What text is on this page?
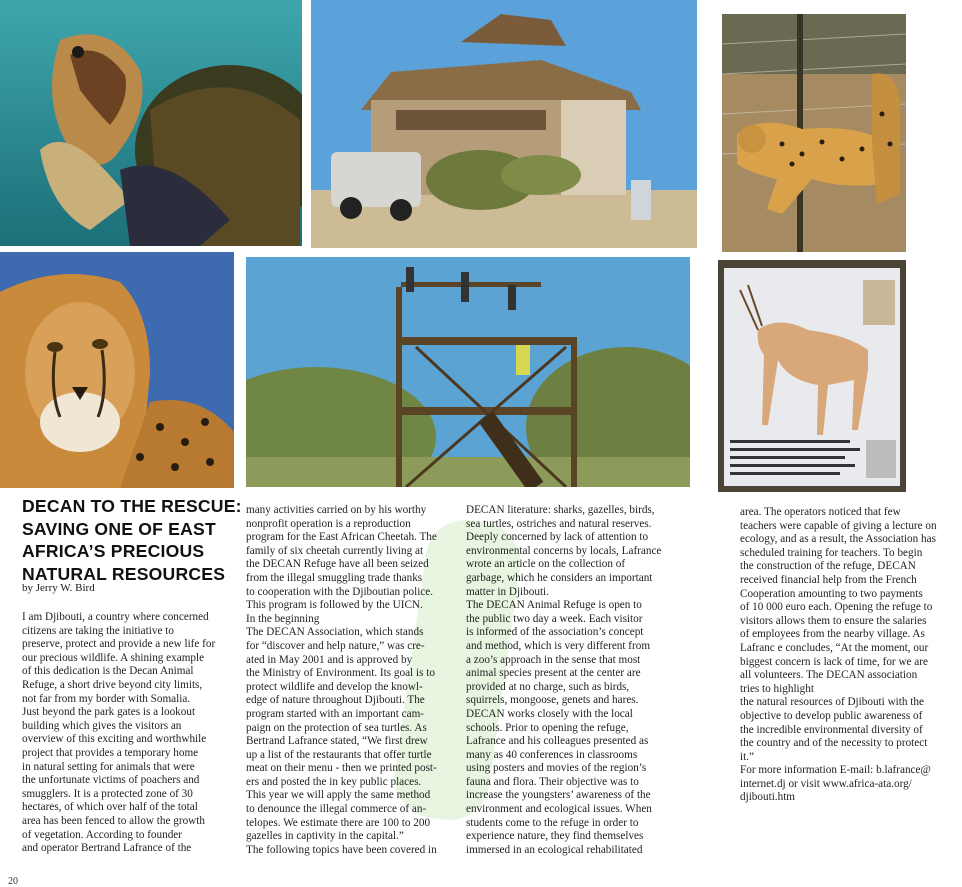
DECAN TO THE RESCUE:
SAVING ONE OF EAST
AFRICA’S PRECIOUS
NATURAL RESOURCES
by Jerry W. Bird
I am Djibouti, a country where concerned
citizens are taking the initiative to
preserve, protect and provide a new life for
our precious wildlife. A shining example
of this dedication is the Decan Animal
Refuge, a short drive beyond city limits,
not far from my border with Somalia.
Just beyond the park gates is a lookout
building which gives the visitors an
overview of this exciting and worthwhile
project that provides a temporary home
in natural setting for animals that were
the unfortunate victims of poachers and
smugglers. It is a protected zone of 30
hectares, of which over half of the total
area has been fenced to allow the growth
of vegetation. According to founder
and operator Bertrand Lafrance of the
many activities carried on by his worthy
nonprofit operation is a reproduction
program for the East African Cheetah. The
family of six cheetah currently living at
the DECAN Refuge have all been seized
from the illegal smuggling trade thanks
to cooperation with the Djiboutian police.
This program is followed by the UICN.
In the beginning
The DECAN Association, which stands
for “discover and help nature,” was cre-
ated in May 2001 and is approved by
the Ministry of Environment. Its goal is to
protect wildlife and develop the knowl-
edge of nature throughout Djibouti. The
program started with an important cam-
paign on the protection of sea turtles. As
Bertrand Lafrance stated, “We first drew
up a list of the restaurants that offer turtle
meat on their menu - then we printed post-
ers and posted the in key public places.
This year we will apply the same method
to denounce the illegal commerce of an-
telopes. We estimate there are 100 to 200
gazelles in captivity in the capital.”
The following topics have been covered in
DECAN literature: sharks, gazelles, birds,
sea turtles, ostriches and natural reserves.
Deeply concerned by lack of attention to
environmental concerns by locals, Lafrance
wrote an article on the collection of
garbage, which he considers an important
matter in Djibouti.
The DECAN Animal Refuge is open to
the public two day a week. Each visitor
is informed of the association’s concept
and method, which is very different from
a zoo’s approach in the sense that most
animal species present at the center are
provided at no charge, such as birds,
squirrels, mongoose, genets and hares.
DECAN works closely with the local
schools. Prior to opening the refuge,
Lafrance and his colleagues presented as
many as 40 conferences in classrooms
using posters and movies of the region’s
fauna and flora. Their objective was to
increase the youngsters’ awareness of the
environment and ecological issues. When
students come to the refuge in order to
experience nature, they find themselves
immersed in an ecological rehabilitated
area. The operators noticed that few
teachers were capable of giving a lecture on
ecology, and as a result, the Association has
scheduled training for teachers. To begin
the construction of the refuge, DECAN
received financial help from the French
Cooperation amounting to two payments
of 10 000 euro each. Opening the refuge to
visitors allows them to ensure the salaries
of employees from the nearby village. As
Lafranc e concludes, “At the moment, our
biggest concern is lack of time, for we are
all volunteers. The DECAN association
tries to highlight
the natural resources of Djibouti with the
objective to develop public awareness of
the incredible environmental diversity of
the country and of the necessity to protect
it.”
For more information E-mail: b.lafrance@
internet.dj or visit www.africa-ata.org/
djibouti.htm
20
